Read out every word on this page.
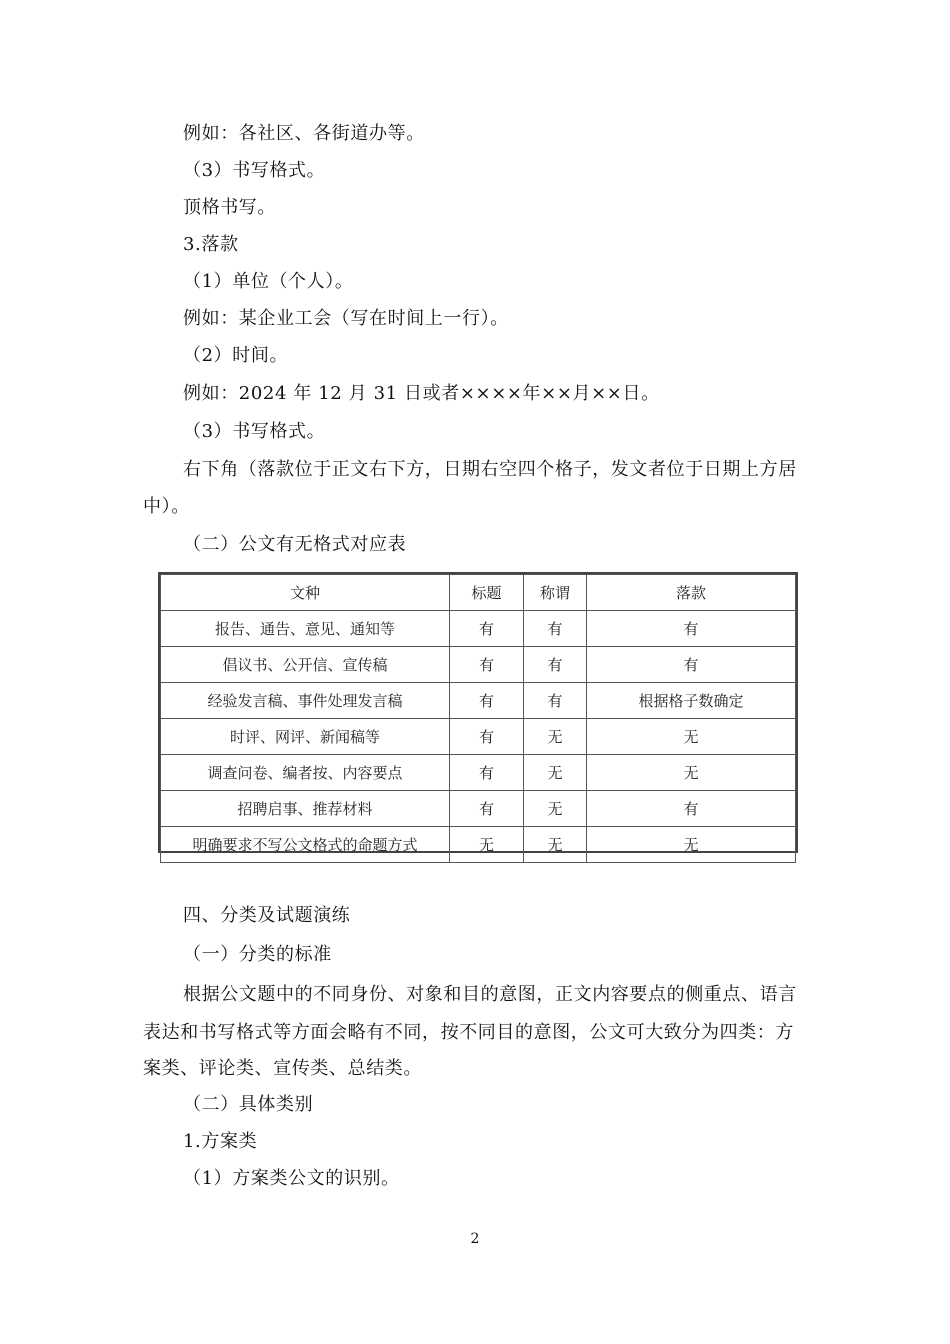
例如：各社区、各街道办等。
（3）书写格式。
顶格书写。
3.落款
（1）单位（个人）。
例如：某企业工会（写在时间上一行）。
（2）时间。
例如：2024 年 12 月 31 日或者××××年××月××日。
（3）书写格式。
右下角（落款位于正文右下方，日期右空四个格子，发文者位于日期上方居
中）。
（二）公文有无格式对应表
文种	标题	称谓	落款
报告、通告、意见、通知等	有	有	有
倡议书、公开信、宣传稿	有	有	有
经验发言稿、事件处理发言稿	有	有	根据格子数确定
时评、网评、新闻稿等	有	无	无
调查问卷、编者按、内容要点	有	无	无
招聘启事、推荐材料	有	无	有
明确要求不写公文格式的命题方式	无	无	无
四、分类及试题演练
（一）分类的标准
根据公文题中的不同身份、对象和目的意图，正文内容要点的侧重点、语言
表达和书写格式等方面会略有不同，按不同目的意图，公文可大致分为四类：方
案类、评论类、宣传类、总结类。
（二）具体类别
1.方案类
（1）方案类公文的识别。
2
